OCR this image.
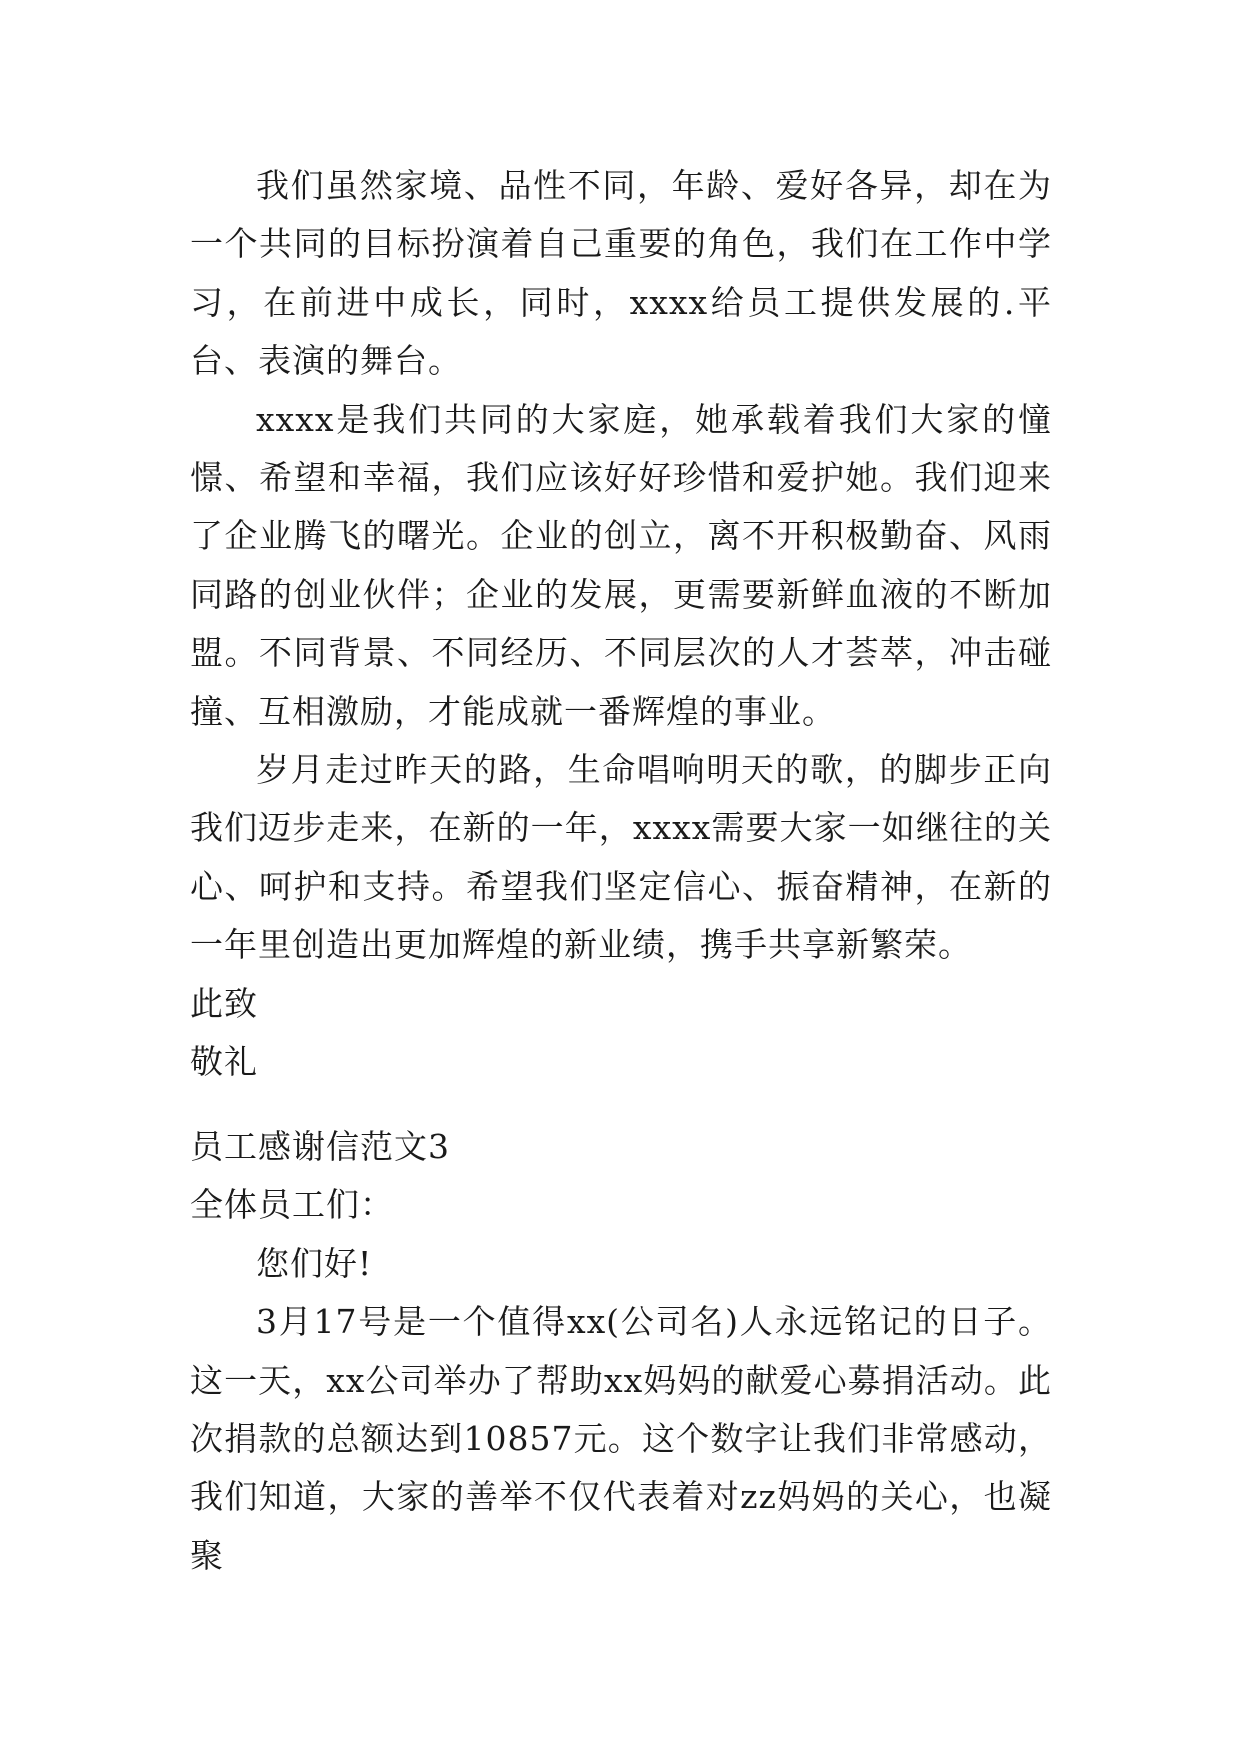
我们虽然家境、品性不同，年龄、爱好各异，却在为一个共同的目标扮演着自己重要的角色，我们在工作中学习，在前进中成长，同时，xxxx给员工提供发展的.平台、表演的舞台。

xxxx是我们共同的大家庭，她承载着我们大家的憧憬、希望和幸福，我们应该好好珍惜和爱护她。我们迎来了企业腾飞的曙光。企业的创立，离不开积极勤奋、风雨同路的创业伙伴；企业的发展，更需要新鲜血液的不断加盟。不同背景、不同经历、不同层次的人才荟萃，冲击碰撞、互相激励，才能成就一番辉煌的事业。

岁月走过昨天的路，生命唱响明天的歌，的脚步正向我们迈步走来，在新的一年，xxxx需要大家一如继往的关心、呵护和支持。希望我们坚定信心、振奋精神，在新的一年里创造出更加辉煌的新业绩，携手共享新繁荣。

此致

敬礼

员工感谢信范文3

全体员工们：

您们好!

3月17号是一个值得xx(公司名)人永远铭记的日子。这一天，xx公司举办了帮助xx妈妈的献爱心募捐活动。此次捐款的总额达到10857元。这个数字让我们非常感动，我们知道，大家的善举不仅代表着对zz妈妈的关心，也凝聚
